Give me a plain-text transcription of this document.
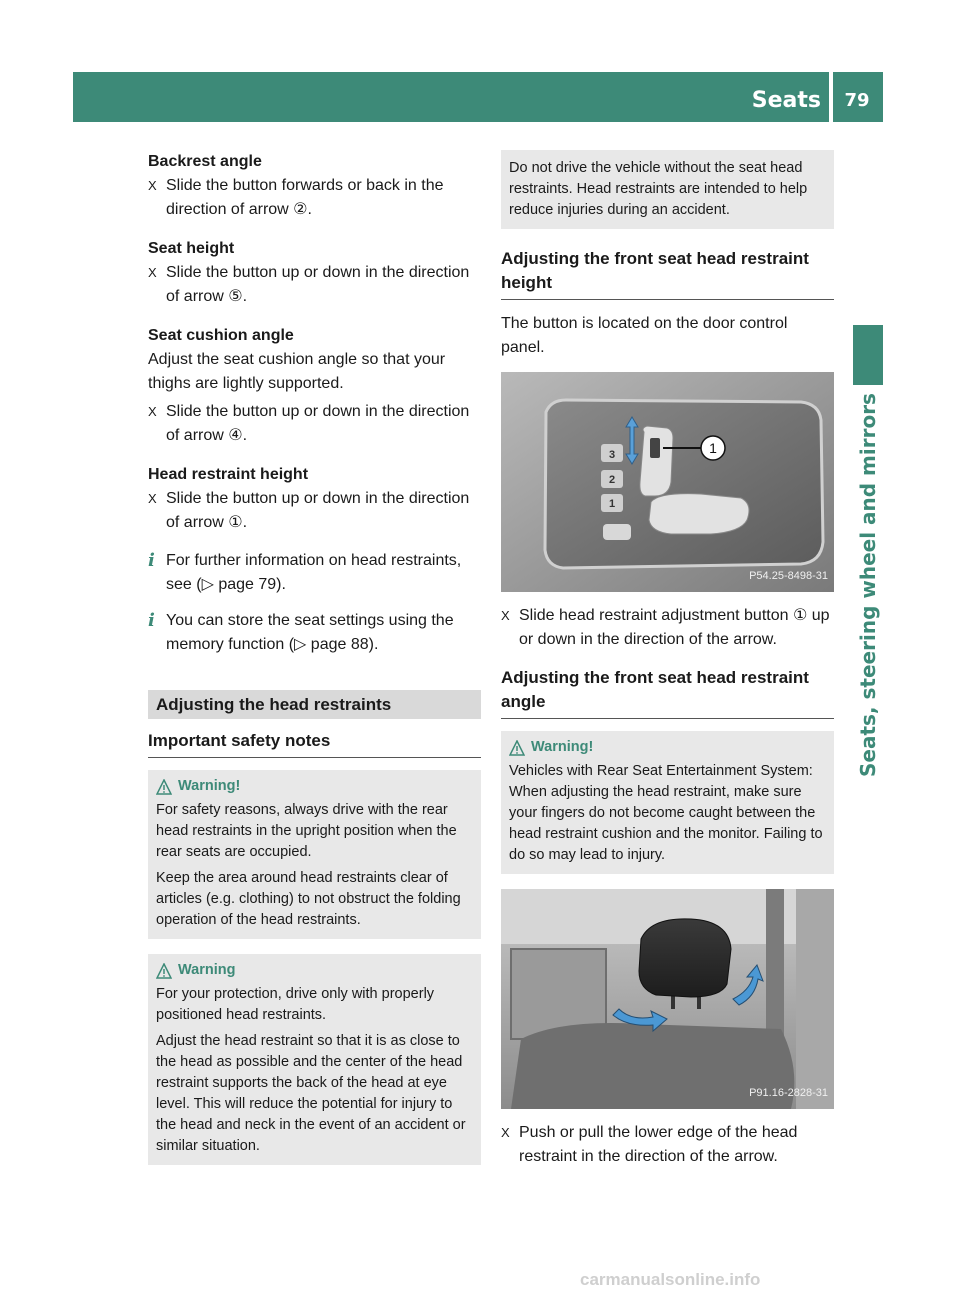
Seats	79
Seats, steering wheel and mirrors

Backrest angle

X Slide the button forwards or back in the direction of arrow ②.

Seat height

X Slide the button up or down in the direction of arrow ⑤.

Seat cushion angle

Adjust the seat cushion angle so that your thighs are lightly supported.

X Slide the button up or down in the direction of arrow ④.

Head restraint height

X Slide the button up or down in the direction of arrow ①.
i For further information on head restraints, see (▷ page 79).
i You can store the seat settings using the memory function (▷ page 88).
Adjusting the head restraints
Important safety notes
Warning!

For safety reasons, always drive with the rear head restraints in the upright position when the rear seats are occupied.

Keep the area around head restraints clear of articles (e.g. clothing) to not obstruct the folding operation of the head restraints.

Warning

For your protection, drive only with properly positioned head restraints.

Adjust the head restraint so that it is as close to the head as possible and the center of the head restraint supports the back of the head at eye level. This will reduce the potential for injury to the head and neck in the event of an accident or similar situation.

Do not drive the vehicle without the seat head restraints. Head restraints are intended to help reduce injuries during an accident.
Adjusting the front seat head restraint height

The button is located on the door control panel.

1
3
2
1
P54.25-8498-31
X Slide head restraint adjustment button ① up or down in the direction of the arrow.
Adjusting the front seat head restraint angle
Warning!

Vehicles with Rear Seat Entertainment System: When adjusting the head restraint, make sure your fingers do not become caught between the head restraint cushion and the monitor. Failing to do so may lead to injury.

P91.16-2828-31
X Push or pull the lower edge of the head restraint in the direction of the arrow.
carmanualsonline.info
